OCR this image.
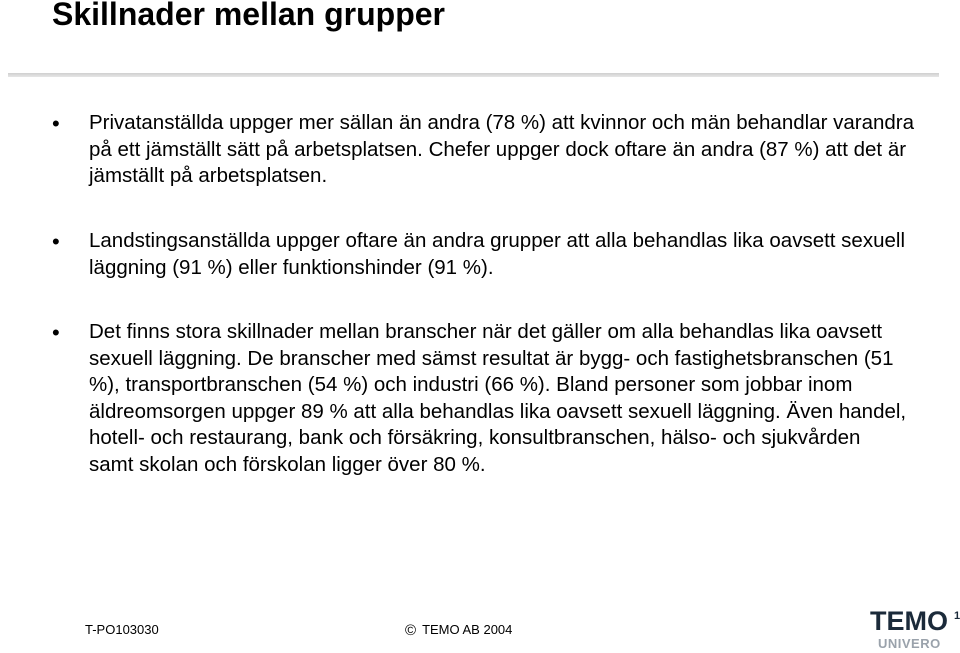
Skillnader mellan grupper
• Privatanställda uppger mer sällan än andra (78 %) att kvinnor och män behandlar varandra på ett jämställt sätt på arbetsplatsen. Chefer uppger dock oftare än andra (87 %) att det är jämställt på arbetsplatsen.
• Landstingsanställda uppger oftare än andra grupper att alla behandlas lika oavsett sexuell läggning (91 %) eller funktionshinder (91 %).
• Det finns stora skillnader mellan branscher när det gäller om alla behandlas lika oavsett sexuell läggning. De branscher med sämst resultat är bygg- och fastighetsbranschen (51 %), transportbranschen (54 %) och industri (66 %). Bland personer som jobbar inom äldreomsorgen uppger 89 % att alla behandlas lika oavsett sexuell läggning. Även handel, hotell- och restaurang, bank och försäkring, konsultbranschen, hälso- och sjukvården samt skolan och förskolan ligger över 80 %.
T-PO103030	© TEMO AB 2004	TEMO 1
UNIVERO
